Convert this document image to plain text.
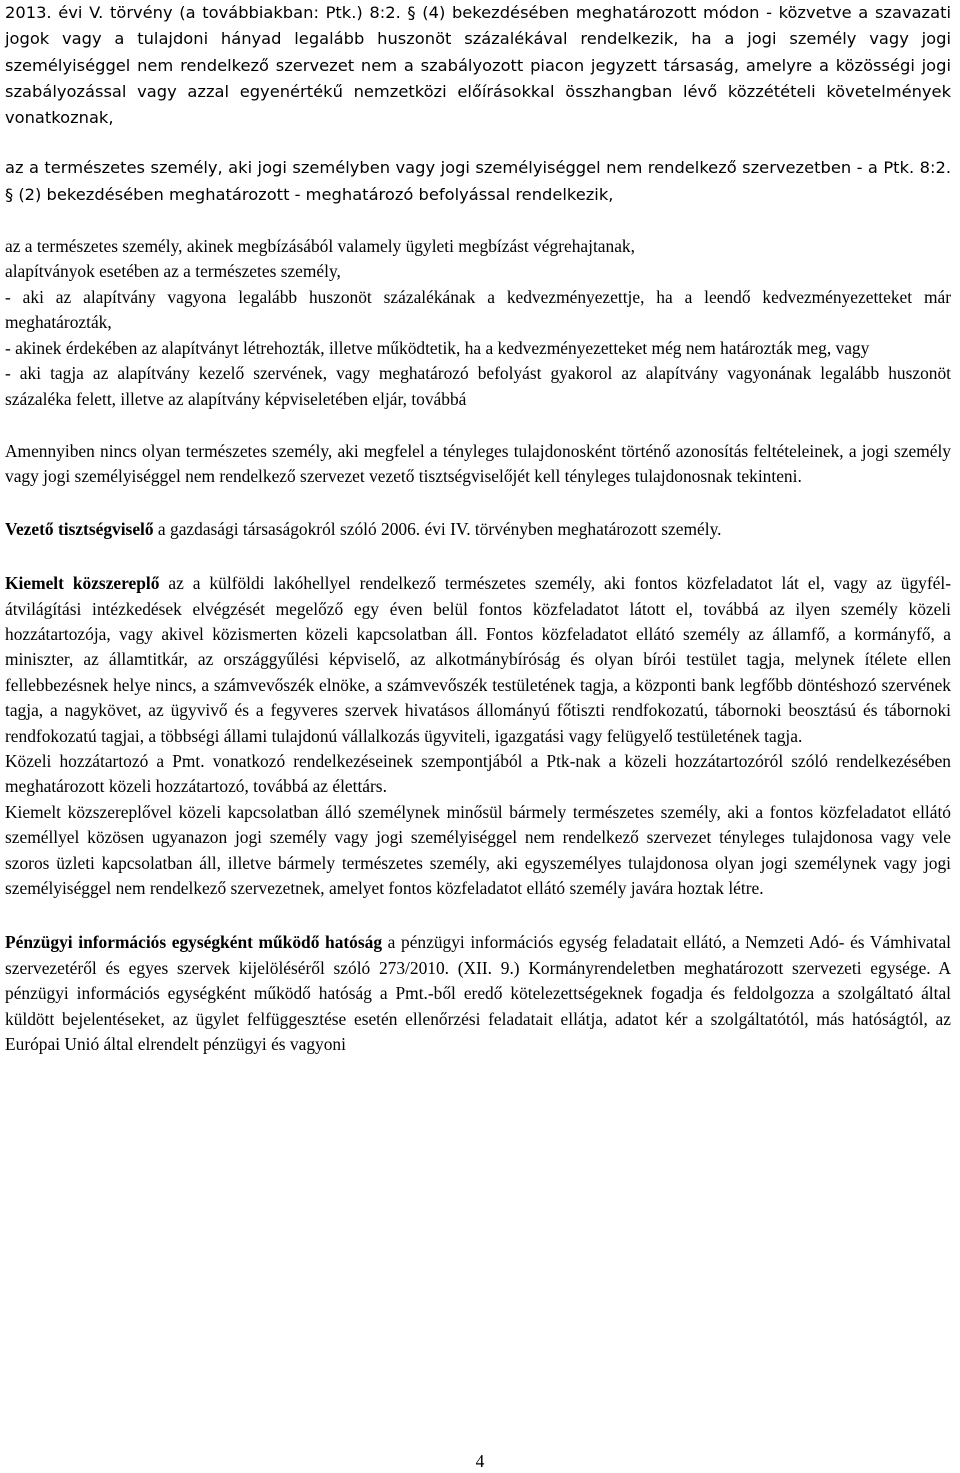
2013. évi V. törvény (a továbbiakban: Ptk.) 8:2. § (4) bekezdésében meghatározott módon - közvetve a szavazati jogok vagy a tulajdoni hányad legalább huszonöt százalékával rendelkezik, ha a jogi személy vagy jogi személyiséggel nem rendelkező szervezet nem a szabályozott piacon jegyzett társaság, amelyre a közösségi jogi szabályozással vagy azzal egyenértékű nemzetközi előírásokkal összhangban lévő közzétételi követelmények vonatkoznak,

az a természetes személy, aki jogi személyben vagy jogi személyiséggel nem rendelkező szervezetben - a Ptk. 8:2. § (2) bekezdésében meghatározott - meghatározó befolyással rendelkezik,

az a természetes személy, akinek megbízásából valamely ügyleti megbízást végrehajtanak,

alapítványok esetében az a természetes személy,

- aki az alapítvány vagyona legalább huszonöt százalékának a kedvezményezettje, ha a leendő kedvezményezetteket már meghatározták,

- akinek érdekében az alapítványt létrehozták, illetve működtetik, ha a kedvezményezetteket még nem határozták meg, vagy

- aki tagja az alapítvány kezelő szervének, vagy meghatározó befolyást gyakorol az alapítvány vagyonának legalább huszonöt százaléka felett, illetve az alapítvány képviseletében eljár, továbbá

Amennyiben nincs olyan természetes személy, aki megfelel a tényleges tulajdonosként történő azonosítás feltételeinek, a jogi személy vagy jogi személyiséggel nem rendelkező szervezet vezető tisztségviselőjét kell tényleges tulajdonosnak tekinteni.

Vezető tisztségviselő a gazdasági társaságokról szóló 2006. évi IV. törvényben meghatározott személy.

Kiemelt közszereplő az a külföldi lakóhellyel rendelkező természetes személy, aki fontos közfeladatot lát el, vagy az ügyfél-átvilágítási intézkedések elvégzését megelőző egy éven belül fontos közfeladatot látott el, továbbá az ilyen személy közeli hozzátartozója, vagy akivel közismerten közeli kapcsolatban áll. Fontos közfeladatot ellátó személy az államfő, a kormányfő, a miniszter, az államtitkár, az országgyűlési képviselő, az alkotmánybíróság és olyan bírói testület tagja, melynek ítélete ellen fellebbezésnek helye nincs, a számvevőszék elnöke, a számvevőszék testületének tagja, a központi bank legfőbb döntéshozó szervének tagja, a nagykövet, az ügyvivő és a fegyveres szervek hivatásos állományú főtiszti rendfokozatú, tábornoki beosztású és tábornoki rendfokozatú tagjai, a többségi állami tulajdonú vállalkozás ügyviteli, igazgatási vagy felügyelő testületének tagja.

Közeli hozzátartozó a Pmt. vonatkozó rendelkezéseinek szempontjából a Ptk-nak a közeli hozzátartozóról szóló rendelkezésében meghatározott közeli hozzátartozó, továbbá az élettárs.

Kiemelt közszereplővel közeli kapcsolatban álló személynek minősül bármely természetes személy, aki a fontos közfeladatot ellátó személlyel közösen ugyanazon jogi személy vagy jogi személyiséggel nem rendelkező szervezet tényleges tulajdonosa vagy vele szoros üzleti kapcsolatban áll, illetve bármely természetes személy, aki egyszemélyes tulajdonosa olyan jogi személynek vagy jogi személyiséggel nem rendelkező szervezetnek, amelyet fontos közfeladatot ellátó személy javára hoztak létre.

Pénzügyi információs egységként működő hatóság a pénzügyi információs egység feladatait ellátó, a Nemzeti Adó- és Vámhivatal szervezetéről és egyes szervek kijelöléséről szóló 273/2010. (XII. 9.) Kormányrendeletben meghatározott szervezeti egysége. A pénzügyi információs egységként működő hatóság a Pmt.-ből eredő kötelezettségeknek fogadja és feldolgozza a szolgáltató által küldött bejelentéseket, az ügylet felfüggesztése esetén ellenőrzési feladatait ellátja, adatot kér a szolgáltatótól, más hatóságtól, az Európai Unió által elrendelt pénzügyi és vagyoni

4
